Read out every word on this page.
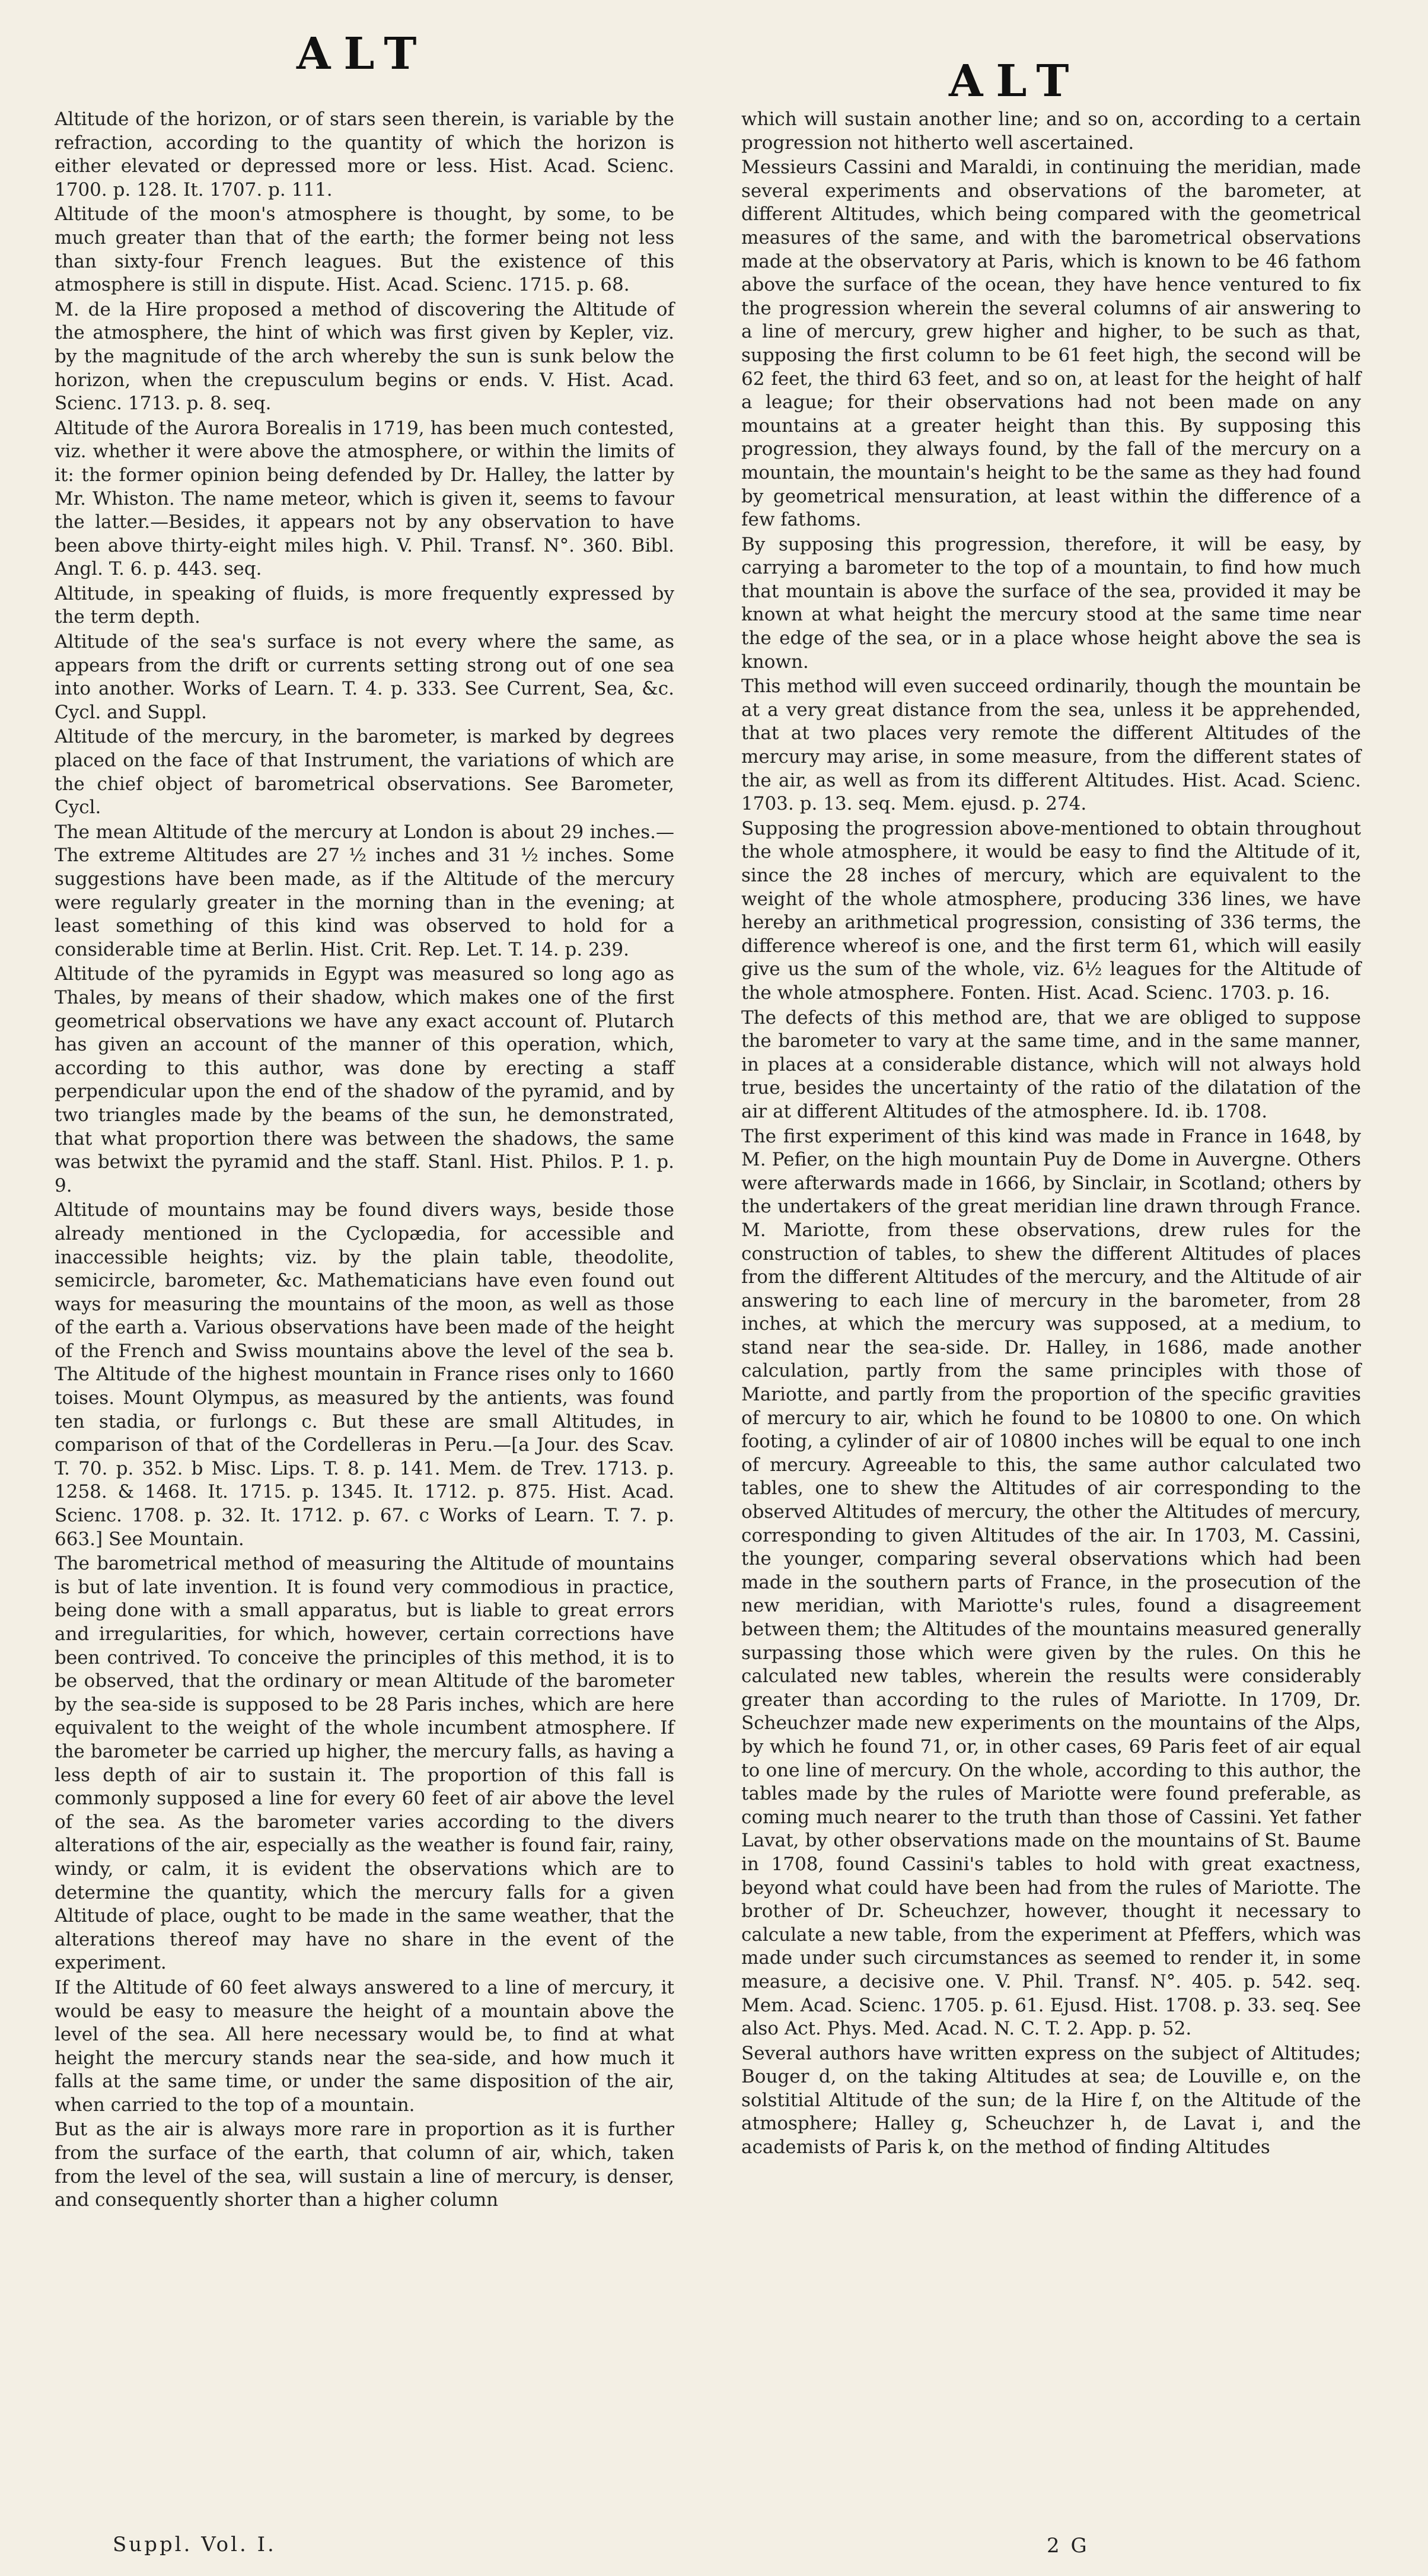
ALT
ALT

Altitude of the horizon, or of stars seen therein, is variable by the refraction, according to the quantity of which the horizon is either elevated or depressed more or less. Hist. Acad. Scienc. 1700. p. 128. It. 1707. p. 111.

Altitude of the moon's atmosphere is thought, by some, to be much greater than that of the earth; the former being not less than sixty-four French leagues. But the existence of this atmosphere is still in dispute. Hist. Acad. Scienc. 1715. p. 68.

M. de la Hire proposed a method of discovering the Altitude of the atmosphere, the hint of which was first given by Kepler, viz. by the magnitude of the arch whereby the sun is sunk below the horizon, when the crepusculum begins or ends. V. Hist. Acad. Scienc. 1713. p. 8. seq.

Altitude of the Aurora Borealis in 1719, has been much contested, viz. whether it were above the atmosphere, or within the limits of it: the former opinion being defended by Dr. Halley, the latter by Mr. Whiston. The name meteor, which is given it, seems to favour the latter.—Besides, it appears not by any observation to have been above thirty-eight miles high. V. Phil. Transf. N°. 360. Bibl. Angl. T. 6. p. 443. seq.

Altitude, in speaking of fluids, is more frequently expressed by the term depth.

Altitude of the sea's surface is not every where the same, as appears from the drift or currents setting strong out of one sea into another. Works of Learn. T. 4. p. 333. See Current, Sea, &c. Cycl. and Suppl.

Altitude of the mercury, in the barometer, is marked by degrees placed on the face of that Instrument, the variations of which are the chief object of barometrical observations. See Barometer, Cycl.

The mean Altitude of the mercury at London is about 29 inches.—The extreme Altitudes are 27 ½ inches and 31 ½ inches. Some suggestions have been made, as if the Altitude of the mercury were regularly greater in the morning than in the evening; at least something of this kind was observed to hold for a considerable time at Berlin. Hist. Crit. Rep. Let. T. 14. p. 239.

Altitude of the pyramids in Egypt was measured so long ago as Thales, by means of their shadow, which makes one of the first geometrical observations we have any exact account of. Plutarch has given an account of the manner of this operation, which, according to this author, was done by erecting a staff perpendicular upon the end of the shadow of the pyramid, and by two triangles made by the beams of the sun, he demonstrated, that what proportion there was between the shadows, the same was betwixt the pyramid and the staff. Stanl. Hist. Philos. P. 1. p. 9.

Altitude of mountains may be found divers ways, beside those already mentioned in the Cyclopædia, for accessible and inaccessible heights; viz. by the plain table, theodolite, semicircle, barometer, &c. Mathematicians have even found out ways for measuring the mountains of the moon, as well as those of the earth a. Various observations have been made of the height of the French and Swiss mountains above the level of the sea b. The Altitude of the highest mountain in France rises only to 1660 toises. Mount Olympus, as measured by the antients, was found ten stadia, or furlongs c. But these are small Altitudes, in comparison of that of the Cordelleras in Peru.—[a Jour. des Scav. T. 70. p. 352. b Misc. Lips. T. 8. p. 141. Mem. de Trev. 1713. p. 1258. & 1468. It. 1715. p. 1345. It. 1712. p. 875. Hist. Acad. Scienc. 1708. p. 32. It. 1712. p. 67. c Works of Learn. T. 7. p. 663.] See Mountain.

The barometrical method of measuring the Altitude of mountains is but of late invention. It is found very commodious in practice, being done with a small apparatus, but is liable to great errors and irregularities, for which, however, certain corrections have been contrived. To conceive the principles of this method, it is to be observed, that the ordinary or mean Altitude of the barometer by the sea-side is supposed to be 28 Paris inches, which are here equivalent to the weight of the whole incumbent atmosphere. If the barometer be carried up higher, the mercury falls, as having a less depth of air to sustain it. The proportion of this fall is commonly supposed a line for every 60 feet of air above the level of the sea. As the barometer varies according to the divers alterations of the air, especially as the weather is found fair, rainy, windy, or calm, it is evident the observations which are to determine the quantity, which the mercury falls for a given Altitude of place, ought to be made in the same weather, that the alterations thereof may have no share in the event of the experiment.

If the Altitude of 60 feet always answered to a line of mercury, it would be easy to measure the height of a mountain above the level of the sea. All here necessary would be, to find at what height the mercury stands near the sea-side, and how much it falls at the same time, or under the same disposition of the air, when carried to the top of a mountain.

But as the air is always more rare in proportion as it is further from the surface of the earth, that column of air, which, taken from the level of the sea, will sustain a line of mercury, is denser, and consequently shorter than a higher column

which will sustain another line; and so on, according to a certain progression not hitherto well ascertained.

Messieurs Cassini and Maraldi, in continuing the meridian, made several experiments and observations of the barometer, at different Altitudes, which being compared with the geometrical measures of the same, and with the barometrical observations made at the observatory at Paris, which is known to be 46 fathom above the surface of the ocean, they have hence ventured to fix the progression wherein the several columns of air answering to a line of mercury, grew higher and higher, to be such as that, supposing the first column to be 61 feet high, the second will be 62 feet, the third 63 feet, and so on, at least for the height of half a league; for their observations had not been made on any mountains at a greater height than this. By supposing this progression, they always found, by the fall of the mercury on a mountain, the mountain's height to be the same as they had found by geometrical mensuration, at least within the difference of a few fathoms.

By supposing this progression, therefore, it will be easy, by carrying a barometer to the top of a mountain, to find how much that mountain is above the surface of the sea, provided it may be known at what height the mercury stood at the same time near the edge of the sea, or in a place whose height above the sea is known.

This method will even succeed ordinarily, though the mountain be at a very great distance from the sea, unless it be apprehended, that at two places very remote the different Altitudes of the mercury may arise, in some measure, from the different states of the air, as well as from its different Altitudes. Hist. Acad. Scienc. 1703. p. 13. seq. Mem. ejusd. p. 274.

Supposing the progression above-mentioned to obtain throughout the whole atmosphere, it would be easy to find the Altitude of it, since the 28 inches of mercury, which are equivalent to the weight of the whole atmosphere, producing 336 lines, we have hereby an arithmetical progression, consisting of 336 terms, the difference whereof is one, and the first term 61, which will easily give us the sum of the whole, viz. 6½ leagues for the Altitude of the whole atmosphere. Fonten. Hist. Acad. Scienc. 1703. p. 16.

The defects of this method are, that we are obliged to suppose the barometer to vary at the same time, and in the same manner, in places at a considerable distance, which will not always hold true, besides the uncertainty of the ratio of the dilatation of the air at different Altitudes of the atmosphere. Id. ib. 1708.

The first experiment of this kind was made in France in 1648, by M. Pefier, on the high mountain Puy de Dome in Auvergne. Others were afterwards made in 1666, by Sinclair, in Scotland; others by the undertakers of the great meridian line drawn through France. M. Mariotte, from these observations, drew rules for the construction of tables, to shew the different Altitudes of places from the different Altitudes of the mercury, and the Altitude of air answering to each line of mercury in the barometer, from 28 inches, at which the mercury was supposed, at a medium, to stand near the sea-side. Dr. Halley, in 1686, made another calculation, partly from the same principles with those of Mariotte, and partly from the proportion of the specific gravities of mercury to air, which he found to be 10800 to one. On which footing, a cylinder of air of 10800 inches will be equal to one inch of mercury. Agreeable to this, the same author calculated two tables, one to shew the Altitudes of air corresponding to the observed Altitudes of mercury, the other the Altitudes of mercury, corresponding to given Altitudes of the air. In 1703, M. Cassini, the younger, comparing several observations which had been made in the southern parts of France, in the prosecution of the new meridian, with Mariotte's rules, found a disagreement between them; the Altitudes of the mountains measured generally surpassing those which were given by the rules. On this he calculated new tables, wherein the results were considerably greater than according to the rules of Mariotte. In 1709, Dr. Scheuchzer made new experiments on the mountains of the Alps, by which he found 71, or, in other cases, 69 Paris feet of air equal to one line of mercury. On the whole, according to this author, the tables made by the rules of Mariotte were found preferable, as coming much nearer to the truth than those of Cassini. Yet father Lavat, by other observations made on the mountains of St. Baume in 1708, found Cassini's tables to hold with great exactness, beyond what could have been had from the rules of Mariotte. The brother of Dr. Scheuchzer, however, thought it necessary to calculate a new table, from the experiment at Pfeffers, which was made under such circumstances as seemed to render it, in some measure, a decisive one. V. Phil. Transf. N°. 405. p. 542. seq. Mem. Acad. Scienc. 1705. p. 61. Ejusd. Hist. 1708. p. 33. seq. See also Act. Phys. Med. Acad. N. C. T. 2. App. p. 52.

Several authors have written express on the subject of Altitudes; Bouger d, on the taking Altitudes at sea; de Louville e, on the solstitial Altitude of the sun; de la Hire f, on the Altitude of the atmosphere; Halley g, Scheuchzer h, de Lavat i, and the academists of Paris k, on the method of finding Altitudes

Suppl. Vol. I.	2 G
